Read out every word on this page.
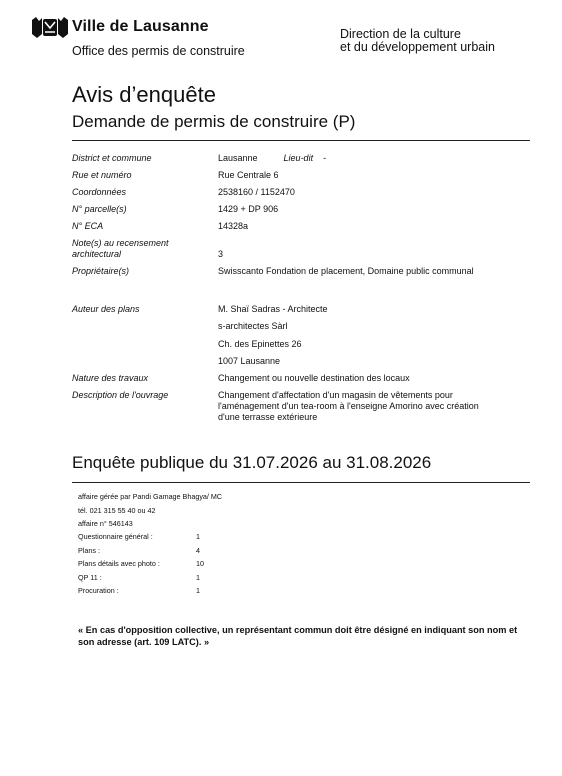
Ville de Lausanne
Office des permis de construire
Direction de la culture
et du développement urbain
Avis d’enquête
Demande de permis de construire (P)
District et commune	Lausanne	Lieu-dit -
Rue et numéro	Rue Centrale 6
Coordonnées	2538160 / 1152470
N° parcelle(s)	1429 + DP 906
N° ECA	14328a
Note(s) au recensement
architectural	3
Propriétaire(s)	Swisscanto Fondation de placement, Domaine public communal
Auteur des plans	M. Shaï Sadras - Architecte
s-architectes Sàrl
Ch. des Epinettes 26
1007 Lausanne
Nature des travaux	Changement ou nouvelle destination des locaux
Description de l'ouvrage	Changement d'affectation d'un magasin de vêtements pour
l'aménagement d'un tea-room à l'enseigne Amorino avec création
d'une terrasse extérieure
Enquête publique du 31.07.2026 au 31.08.2026
affaire gérée par Pandi Gamage Bhagya/ MC
tél. 021 315 55 40 ou 42
affaire n° 546143
Questionnaire général :	1
Plans :	4
Plans détails avec photo :	10
QP 11 :	1
Procuration :	1
« En cas d'opposition collective, un représentant commun doit être désigné en indiquant son nom et son adresse (art. 109 LATC). »
